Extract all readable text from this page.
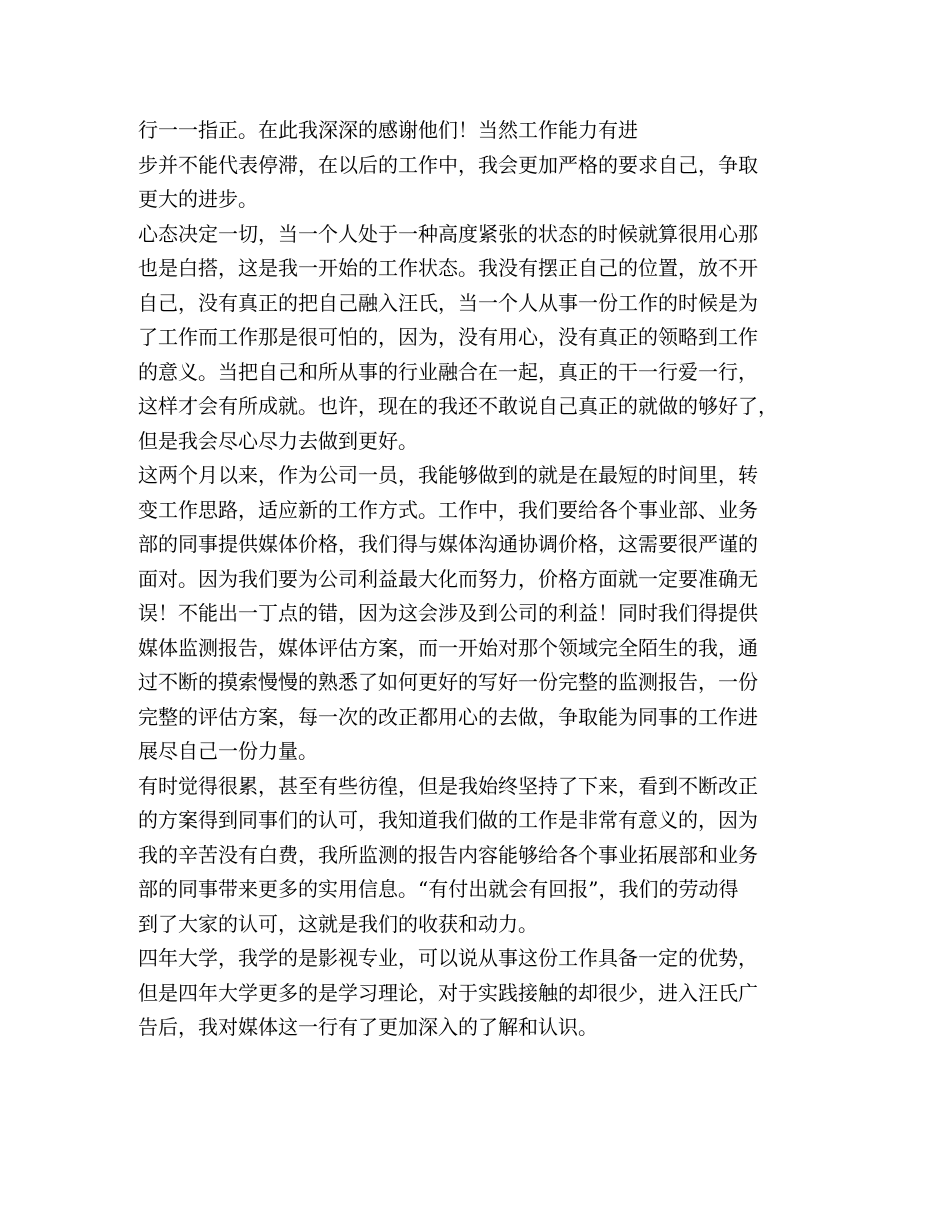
行一一指正。在此我深深的感谢他们！当然工作能力有进
步并不能代表停滞，在以后的工作中，我会更加严格的要求自己，争取
更大的进步。
心态决定一切，当一个人处于一种高度紧张的状态的时候就算很用心那
也是白搭，这是我一开始的工作状态。我没有摆正自己的位置，放不开
自己，没有真正的把自己融入汪氏，当一个人从事一份工作的时候是为
了工作而工作那是很可怕的，因为，没有用心，没有真正的领略到工作
的意义。当把自己和所从事的行业融合在一起，真正的干一行爱一行，
这样才会有所成就。也许，现在的我还不敢说自己真正的就做的够好了，
但是我会尽心尽力去做到更好。
这两个月以来，作为公司一员，我能够做到的就是在最短的时间里，转
变工作思路，适应新的工作方式。工作中，我们要给各个事业部、业务
部的同事提供媒体价格，我们得与媒体沟通协调价格，这需要很严谨的
面对。因为我们要为公司利益最大化而努力，价格方面就一定要准确无
误！不能出一丁点的错，因为这会涉及到公司的利益！同时我们得提供
媒体监测报告，媒体评估方案，而一开始对那个领域完全陌生的我，通
过不断的摸索慢慢的熟悉了如何更好的写好一份完整的监测报告，一份
完整的评估方案，每一次的改正都用心的去做，争取能为同事的工作进
展尽自己一份力量。
有时觉得很累，甚至有些彷徨，但是我始终坚持了下来，看到不断改正
的方案得到同事们的认可，我知道我们做的工作是非常有意义的，因为
我的辛苦没有白费，我所监测的报告内容能够给各个事业拓展部和业务
部的同事带来更多的实用信息。“有付出就会有回报”，我们的劳动得
到了大家的认可，这就是我们的收获和动力。
四年大学，我学的是影视专业，可以说从事这份工作具备一定的优势，
但是四年大学更多的是学习理论，对于实践接触的却很少，进入汪氏广
告后，我对媒体这一行有了更加深入的了解和认识。
